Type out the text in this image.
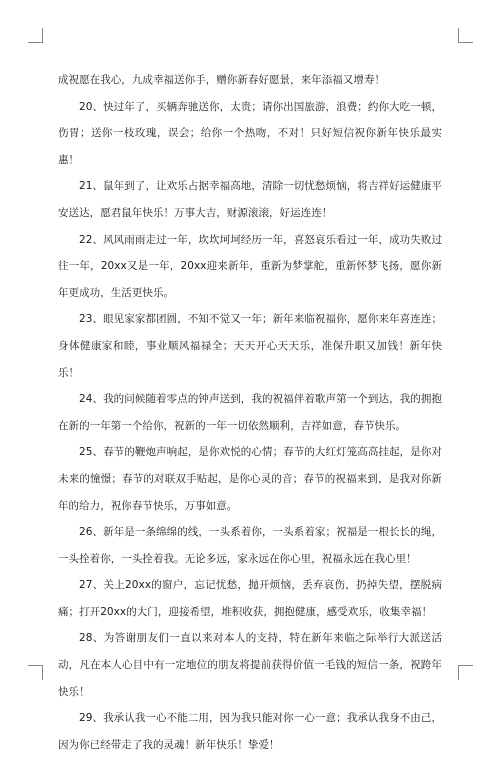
成祝愿在我心，九成幸福送你手，赠你新春好愿景，来年添福又增寿！

20、快过年了，买辆奔驰送你，太贵；请你出国旅游，浪费；约你大吃一顿，伤胃；送你一枝玫瑰，误会；给你一个热吻，不对！只好短信祝你新年快乐最实惠！

21、鼠年到了，让欢乐占据幸福高地，清除一切忧愁烦恼，将吉祥好运健康平安送达，愿君鼠年快乐！万事大吉，财源滚滚，好运连连！

22、风风雨雨走过一年，坎坎坷坷经历一年，喜怒哀乐看过一年，成功失败过往一年，20xx又是一年，20xx迎来新年，重新为梦掌舵，重新怀梦飞扬，愿你新年更成功，生活更快乐。

23、眼见家家都团圆，不知不觉又一年；新年来临祝福你，愿你来年喜连连；身体健康家和睦，事业顺风福禄全；天天开心天天乐，准保升职又加钱！新年快乐！

24、我的问候随着零点的钟声送到，我的祝福伴着歌声第一个到达，我的拥抱在新的一年第一个给你，祝新的一年一切依然顺利，吉祥如意，春节快乐。

25、春节的鞭炮声响起，是你欢悦的心情；春节的大红灯笼高高挂起，是你对未来的憧憬；春节的对联双手贴起，是你心灵的音；春节的祝福来到，是我对你新年的给力，祝你春节快乐，万事如意。

26、新年是一条绵绵的线，一头系着你，一头系着家；祝福是一根长长的绳，一头拴着你，一头拴着我。无论多远，家永远在你心里，祝福永远在我心里！

27、关上20xx的窗户，忘记忧愁，抛开烦恼，丢弃哀伤，扔掉失望，摆脱病痛；打开20xx的大门，迎接希望，堆积收获，拥抱健康，感受欢乐，收集幸福！

28、为答谢朋友们一直以来对本人的支持，特在新年来临之际举行大派送活动，凡在本人心目中有一定地位的朋友将提前获得价值一毛钱的短信一条，祝跨年快乐！

29、我承认我一心不能二用，因为我只能对你一心一意；我承认我身不由己，因为你已经带走了我的灵魂！新年快乐！挚爱！
